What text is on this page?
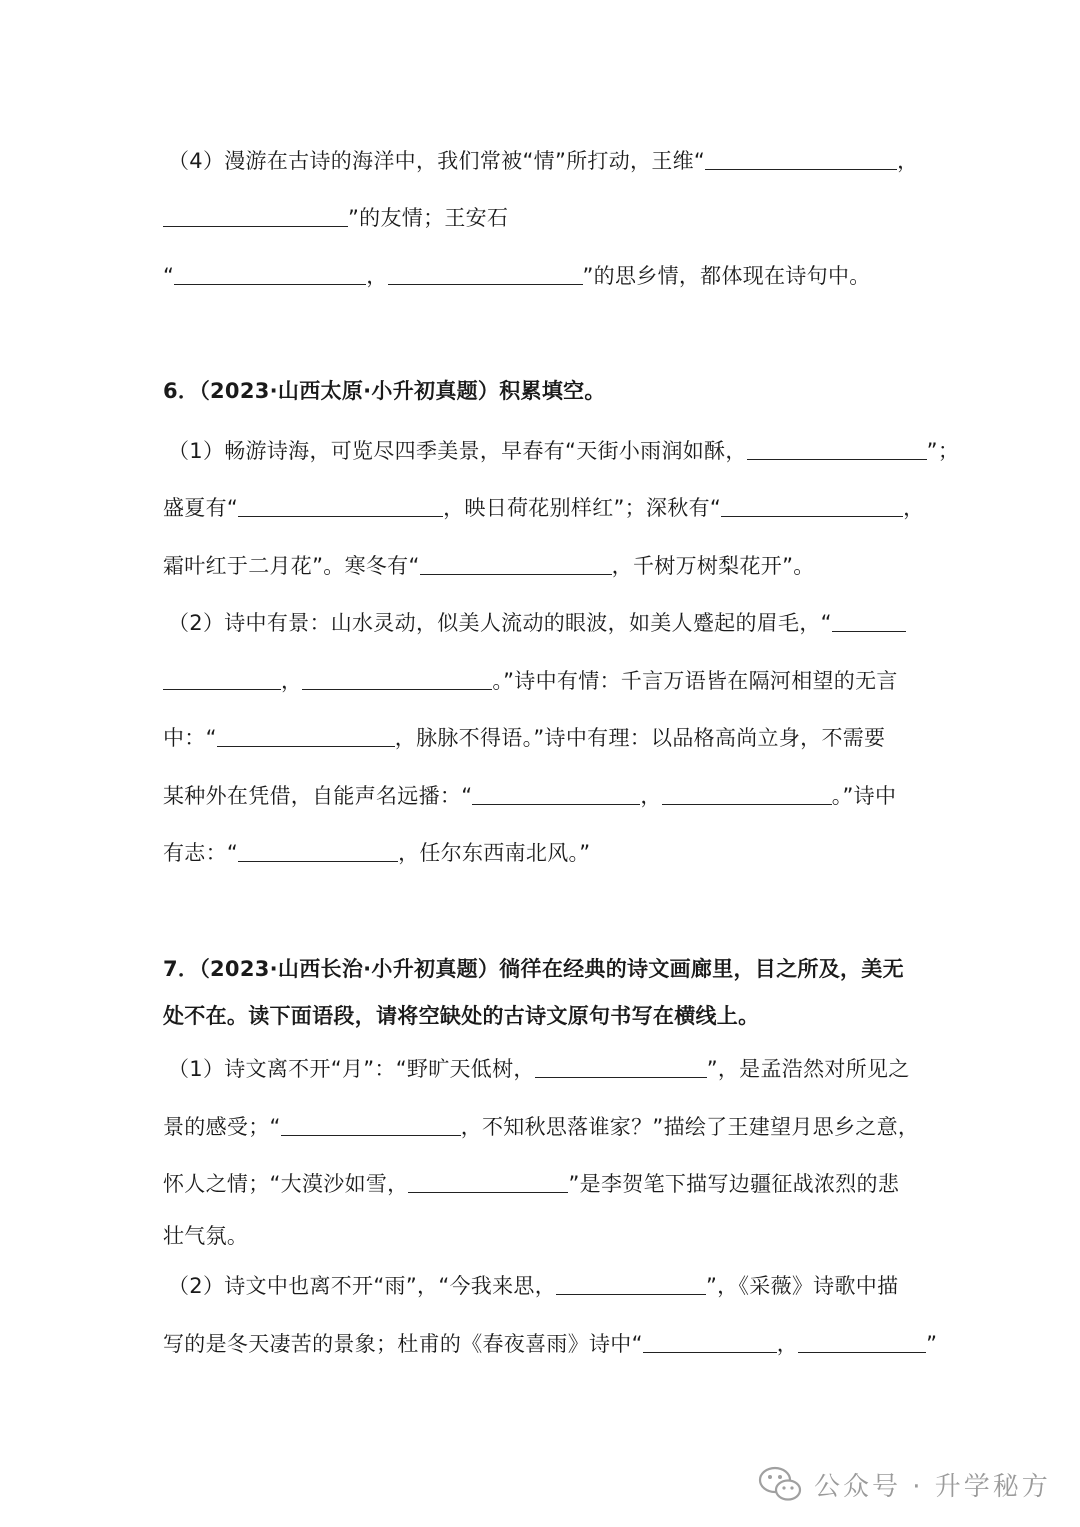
（4）漫游在古诗的海洋中，我们常被“情”所打动，王维“	，
”的友情；王安石
“	，	”的思乡情，都体现在诗句中。
6．（2023·山西太原·小升初真题）积累填空。
（1）畅游诗海，可览尽四季美景，早春有“天街小雨润如酥，	”；
盛夏有“	，映日荷花别样红”；深秋有“	，
霜叶红于二月花”。寒冬有“	，千树万树梨花开”。
（2）诗中有景：山水灵动，似美人流动的眼波，如美人蹙起的眉毛，“
，	。”诗中有情：千言万语皆在隔河相望的无言
中：“	，脉脉不得语。”诗中有理：以品格高尚立身，不需要
某种外在凭借，自能声名远播：“	，	。”诗中
有志：“	，任尔东西南北风。”
7．（2023·山西长治·小升初真题）徜徉在经典的诗文画廊里，目之所及，美无
处不在。读下面语段，请将空缺处的古诗文原句书写在横线上。
（1）诗文离不开“月”：“野旷天低树，	”，是孟浩然对所见之
景的感受；“	，不知秋思落谁家？”描绘了王建望月思乡之意，
怀人之情；“大漠沙如雪，	”是李贺笔下描写边疆征战浓烈的悲
壮气氛。
（2）诗文中也离不开“雨”，“今我来思，	”，《采薇》诗歌中描
写的是冬天凄苦的景象；杜甫的《春夜喜雨》诗中“	，	”
公众号 · 升学秘方
